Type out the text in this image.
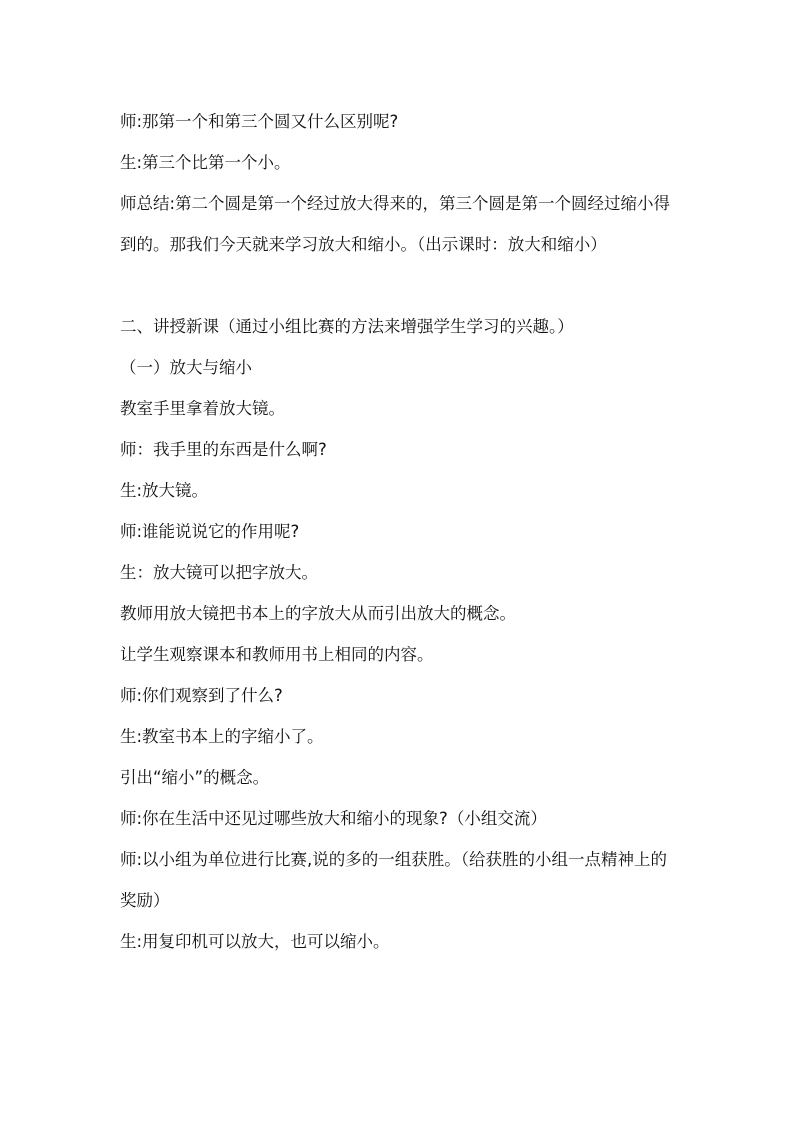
师:那第一个和第三个圆又什么区别呢?
生:第三个比第一个小。
师总结:第二个圆是第一个经过放大得来的，第三个圆是第一个圆经过缩小得到的。那我们今天就来学习放大和缩小。（出示课时：放大和缩小）
二、讲授新课（通过小组比赛的方法来增强学生学习的兴趣。）
（一）放大与缩小
教室手里拿着放大镜。
师：我手里的东西是什么啊?
生:放大镜。
师:谁能说说它的作用呢?
生：放大镜可以把字放大。
教师用放大镜把书本上的字放大从而引出放大的概念。
让学生观察课本和教师用书上相同的内容。
师:你们观察到了什么?
生:教室书本上的字缩小了。
引出“缩小”的概念。
师:你在生活中还见过哪些放大和缩小的现象?（小组交流）
师:以小组为单位进行比赛,说的多的一组获胜。（给获胜的小组一点精神上的奖励）
生:用复印机可以放大，也可以缩小。
